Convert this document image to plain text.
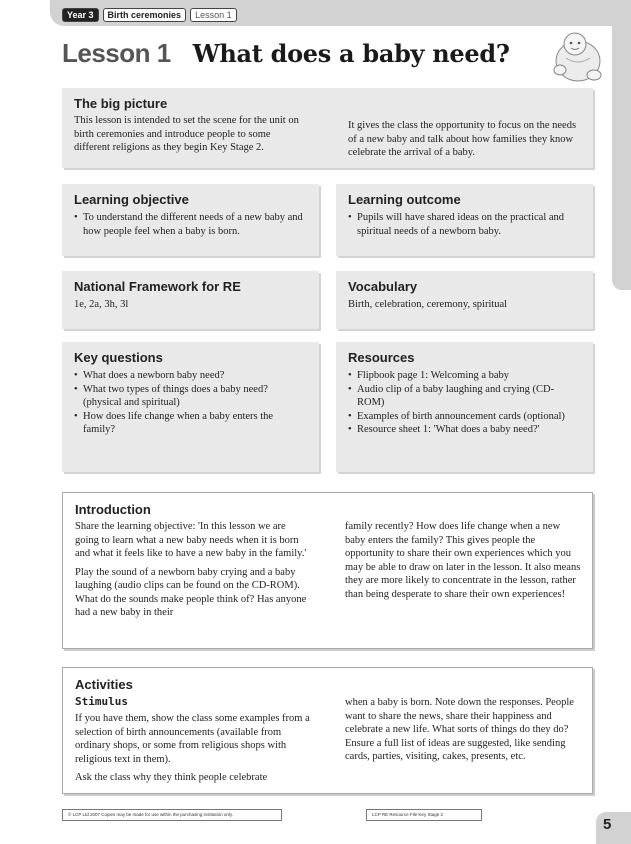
Year 3	Birth ceremonies	Lesson 1
Lesson 1 What does a baby need?
The big picture

This lesson is intended to set the scene for the unit on birth ceremonies and introduce people to some different religions as they begin Key Stage 2.

It gives the class the opportunity to focus on the needs of a new baby and talk about how families they know celebrate the arrival of a baby.

Learning objective
• To understand the different needs of a new baby and how people feel when a baby is born.
Learning outcome
• Pupils will have shared ideas on the practical and spiritual needs of a newborn baby.
National Framework for RE

1e, 2a, 3h, 3l

Vocabulary

Birth, celebration, ceremony, spiritual

Key questions
• What does a newborn baby need?
• What two types of things does a baby need? (physical and spiritual)
• How does life change when a baby enters the family?
Resources
• Flipbook page 1: Welcoming a baby
• Audio clip of a baby laughing and crying (CD-ROM)
• Examples of birth announcement cards (optional)
• Resource sheet 1: 'What does a baby need?'
Introduction

Share the learning objective: 'In this lesson we are going to learn what a new baby needs when it is born and what it feels like to have a new baby in the family.'

Play the sound of a newborn baby crying and a baby laughing (audio clips can be found on the CD-ROM). What do the sounds make people think of? Has anyone had a new baby in their

family recently? How does life change when a new baby enters the family? This gives people the opportunity to share their own experiences which you may be able to draw on later in the lesson. It also means they are more likely to concentrate in the lesson, rather than being desperate to share their own experiences!

Activities
Stimulus

If you have them, show the class some examples from a selection of birth announcements (available from ordinary shops, or some from religious shops with religious text in them).

Ask the class why they think people celebrate

when a baby is born. Note down the responses. People want to share the news, share their happiness and celebrate a new life. What sorts of things do they do? Ensure a full list of ideas are suggested, like sending cards, parties, visiting, cakes, presents, etc.

© LCP Ltd 2007 Copies may be made for use within the purchasing institution only.	LCP RE Resource File Key Stage 2
5
